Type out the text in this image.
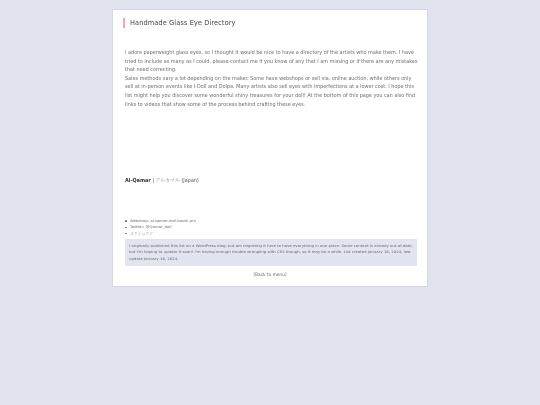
Handmade Glass Eye Directory

I adore paperweight glass eyes, so I thought it would be nice to have a directory of the artists who make them. I have tried to include as many as I could, please contact me if you know of any that I am missing or if there are any mistakes that need correcting.

Sales methods vary a lot depending on the maker. Some have webshops or sell via. online auction, while others only sell at in-person events like I-Doll and Dolpa. Many artists also sell eyes with imperfections at a lower cost. I hope this list might help you discover some wonderful shiny treasures for your doll! At the bottom of this page you can also find links to videos that show some of the process behind crafting these eyes.

Al-Qamar | アルカマル (Japan)
Webshop: al-qamar-doll.booth.pm
Twitter: @Qamar_doll
オクショウク

I originally published this list on a WordPress blog, but am migrating it here to have everything in one place. Some content is already out-of-date, but I'm hoping to update it soon! I'm having enough trouble wrangling with CSS though, so it may be a while. List created January 16, 2024, last update January 16, 2024.

[Back to menu]
